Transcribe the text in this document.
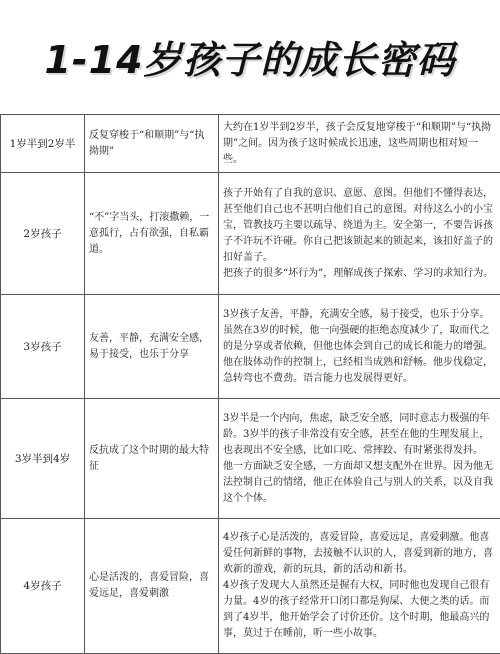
1-14岁孩子的成长密码
1岁半到2岁半	反复穿梭于“和顺期”与“执拗期”	大约在1岁半到2岁半，孩子会反复地穿梭于“和顺期”与“执拗期”之间。因为孩子这时候成长迅速，这些周期也相对短一些。
2岁孩子	“不”字当头，打滚撒赖，一意孤行，占有欲强，自私霸道。	孩子开始有了自我的意识、意愿、意图。但他们不懂得表达，甚至他们自己也不甚明白他们自己的意图。对待这么小的小宝宝，管教技巧主要以疏导、绕道为主。安全第一，不要告诉孩子不许玩不许碰。你自己把该锁起来的锁起来，该扣好盖子的扣好盖子。
把孩子的很多“坏行为”，理解成孩子探索、学习的求知行为。
3岁孩子	友善，平静，充满安全感，易于接受，也乐于分享	3岁孩子友善，平静，充满安全感，易于接受，也乐于分享。虽然在3岁的时候，他一向强硬的拒绝态度减少了，取而代之的是分享或者依赖，但他也体会到自己的成长和能力的增强。他在肢体动作的控制上，已经相当成熟和舒畅。他步伐稳定，急转弯也不费劲。语言能力也发展得更好。
3岁半到4岁	反抗成了这个时期的最大特征	3岁半是一个内向，焦虑，缺乏安全感，同时意志力极强的年龄。3岁半的孩子非常没有安全感，甚至在他的生理发展上，也表现出不安全感，比如口吃、常摔跤、有时紧张得发抖。
他一方面缺乏安全感，一方面却又想支配外在世界。因为他无法控制自己的情绪，他正在体验自己与别人的关系，以及自我这个个体。
4岁孩子	心是活泼的，喜爱冒险，喜爱远足，喜爱刺激	4岁孩子心是活泼的，喜爱冒险，喜爱远足，喜爱刺激。他喜爱任何新鲜的事物，去接触不认识的人，喜爱到新的地方，喜欢新的游戏，新的玩具，新的活动和新书。
4岁孩子发现大人虽然还是握有大权，同时他也发现自己很有力量。4岁的孩子经常开口闭口都是狗屎、大便之类的话。而到了4岁半，他开始学会了讨价还价。这个时期，他最高兴的事，莫过于在睡前，听一些小故事。
